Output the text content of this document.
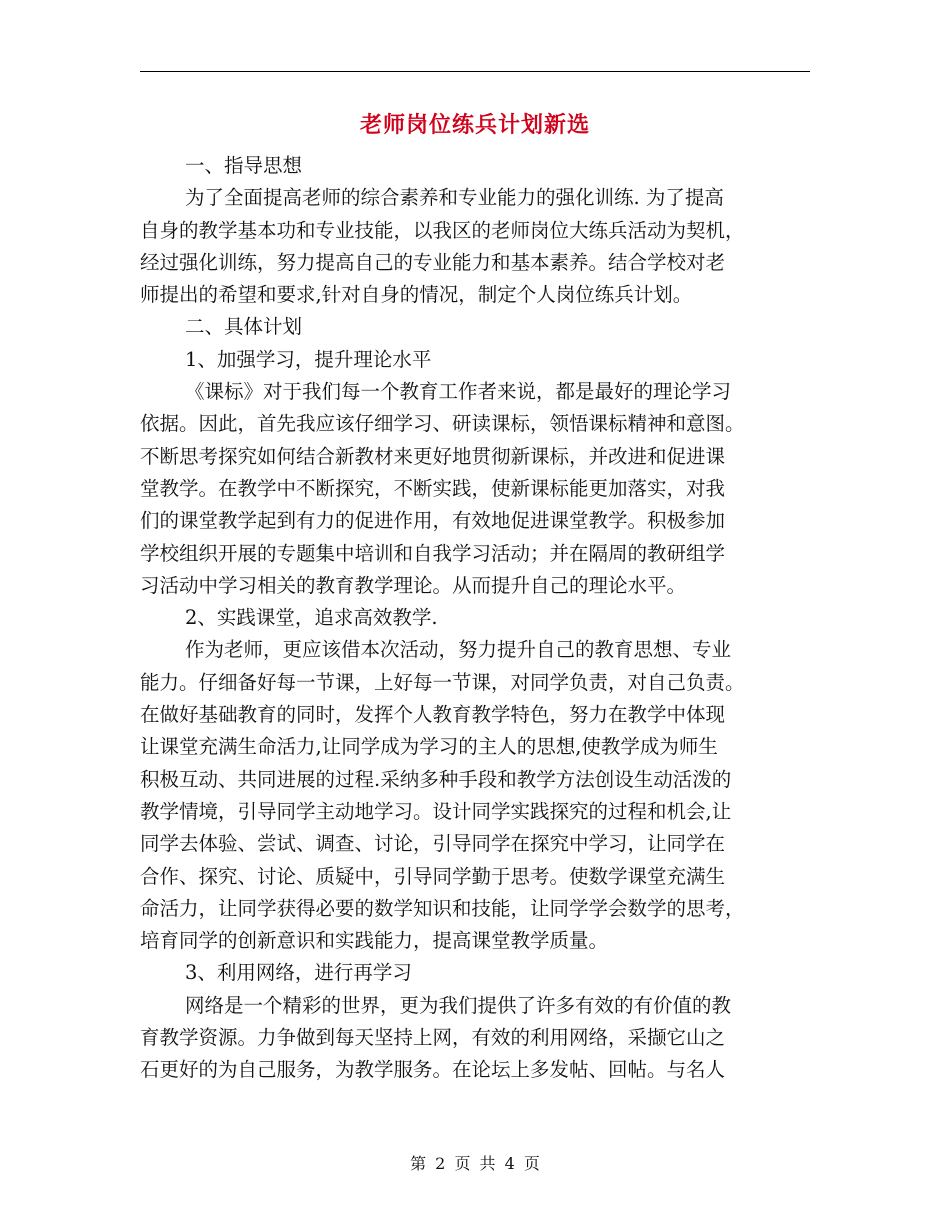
老师岗位练兵计划新选
一、指导思想
为了全面提高老师的综合素养和专业能力的强化训练. 为了提高
自身的教学基本功和专业技能，以我区的老师岗位大练兵活动为契机，
经过强化训练，努力提高自己的专业能力和基本素养。结合学校对老
师提出的希望和要求,针对自身的情况，制定个人岗位练兵计划。
二、具体计划
1、加强学习，提升理论水平
《课标》对于我们每一个教育工作者来说，都是最好的理论学习
依据。因此，首先我应该仔细学习、研读课标，领悟课标精神和意图。
不断思考探究如何结合新教材来更好地贯彻新课标，并改进和促进课
堂教学。在教学中不断探究，不断实践，使新课标能更加落实，对我
们的课堂教学起到有力的促进作用，有效地促进课堂教学。积极参加
学校组织开展的专题集中培训和自我学习活动；并在隔周的教研组学
习活动中学习相关的教育教学理论。从而提升自己的理论水平。
2、实践课堂，追求高效教学.
作为老师，更应该借本次活动，努力提升自己的教育思想、专业
能力。仔细备好每一节课，上好每一节课，对同学负责，对自己负责。
在做好基础教育的同时，发挥个人教育教学特色，努力在教学中体现
让课堂充满生命活力,让同学成为学习的主人的思想,使教学成为师生
积极互动、共同进展的过程.采纳多种手段和教学方法创设生动活泼的
教学情境，引导同学主动地学习。设计同学实践探究的过程和机会,让
同学去体验、尝试、调查、讨论，引导同学在探究中学习，让同学在
合作、探究、讨论、质疑中，引导同学勤于思考。使数学课堂充满生
命活力，让同学获得必要的数学知识和技能，让同学学会数学的思考，
培育同学的创新意识和实践能力，提高课堂教学质量。
3、利用网络，进行再学习
网络是一个精彩的世界，更为我们提供了许多有效的有价值的教
育教学资源。力争做到每天坚持上网，有效的利用网络，采撷它山之
石更好的为自己服务，为教学服务。在论坛上多发帖、回帖。与名人
第 2 页 共 4 页
